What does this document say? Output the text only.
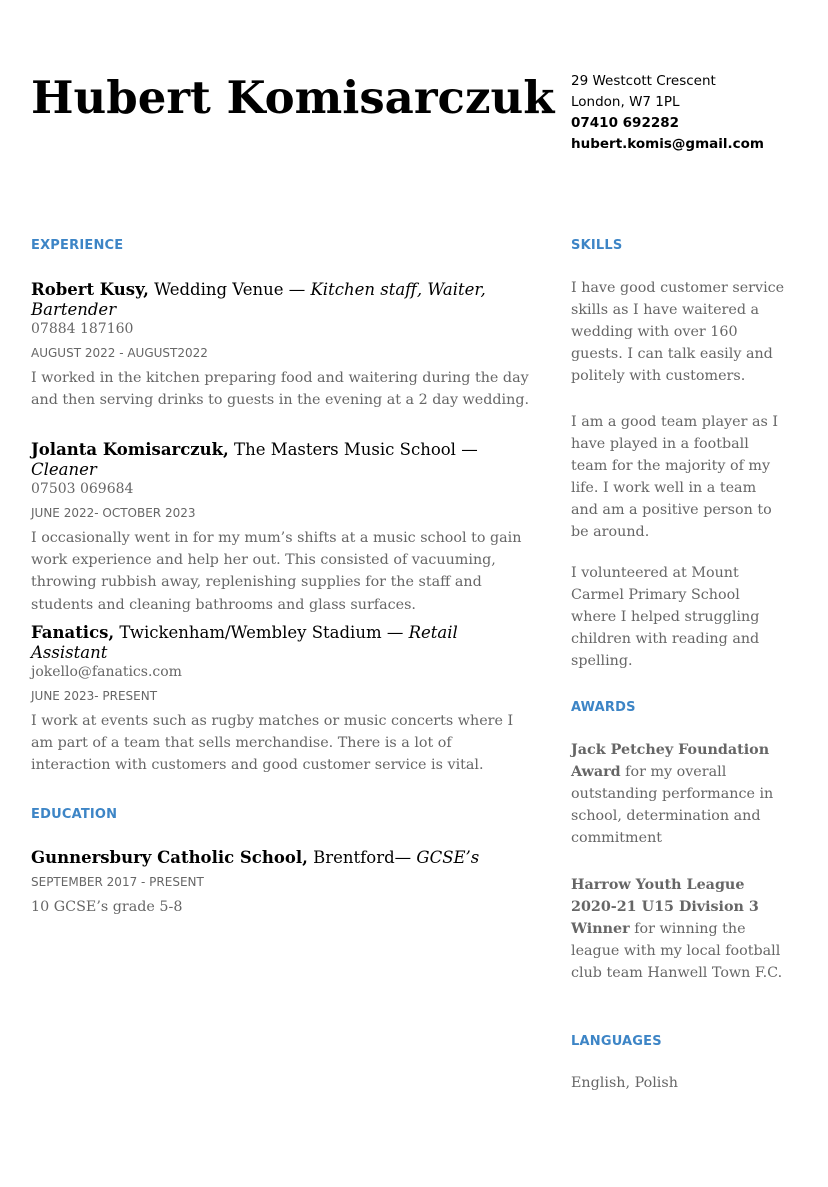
Hubert Komisarczuk 29 Westcott Crescent
London, W7 1PL
07410 692282
hubert.komis@gmail.com
EXPERIENCE
Robert Kusy, Wedding Venue — Kitchen staff, Waiter, Bartender
07884 187160
AUGUST 2022 - AUGUST2022
I worked in the kitchen preparing food and waitering during the day and then serving drinks to guests in the evening at a 2 day wedding.
Jolanta Komisarczuk, The Masters Music School — Cleaner
07503 069684
JUNE 2022- OCTOBER 2023
I occasionally went in for my mum’s shifts at a music school to gain work experience and help her out. This consisted of vacuuming, throwing rubbish away, replenishing supplies for the staff and students and cleaning bathrooms and glass surfaces.
Fanatics, Twickenham/Wembley Stadium — Retail Assistant
jokello@fanatics.com
JUNE 2023- PRESENT
I work at events such as rugby matches or music concerts where I am part of a team that sells merchandise. There is a lot of interaction with customers and good customer service is vital.
EDUCATION
Gunnersbury Catholic School, Brentford— GCSE’s
SEPTEMBER 2017 - PRESENT
10 GCSE’s grade 5-8
SKILLS
I have good customer service skills as I have waitered a wedding with over 160 guests. I can talk easily and politely with customers.
I am a good team player as I have played in a football team for the majority of my life. I work well in a team and am a positive person to be around.
I volunteered at Mount Carmel Primary School where I helped struggling children with reading and spelling.
AWARDS
Jack Petchey Foundation Award for my overall outstanding performance in school, determination and commitment
Harrow Youth League 2020-21 U15 Division 3 Winner for winning the league with my local football club team Hanwell Town F.C.
LANGUAGES
English, Polish
